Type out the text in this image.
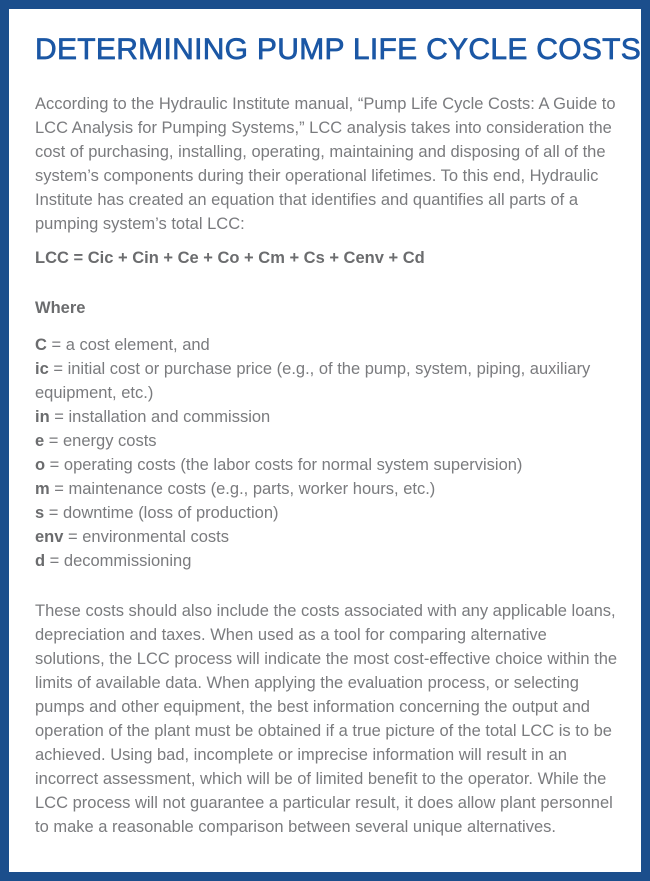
DETERMINING PUMP LIFE CYCLE COSTS

According to the Hydraulic Institute manual, “Pump Life Cycle Costs: A Guide to LCC Analysis for Pumping Systems,” LCC analysis takes into consideration the cost of purchasing, installing, operating, maintaining and disposing of all of the system’s components during their operational lifetimes. To this end, Hydraulic Institute has created an equation that identifies and quantifies all parts of a pumping system’s total LCC:

LCC = Cic + Cin + Ce + Co + Cm + Cs + Cenv + Cd

Where

C = a cost element, and

ic = initial cost or purchase price (e.g., of the pump, system, piping, auxiliary equipment, etc.)

in = installation and commission

e = energy costs

o = operating costs (the labor costs for normal system supervision)

m = maintenance costs (e.g., parts, worker hours, etc.)

s = downtime (loss of production)

env = environmental costs

d = decommissioning

These costs should also include the costs associated with any applicable loans, depreciation and taxes. When used as a tool for comparing alternative solutions, the LCC process will indicate the most cost-effective choice within the limits of available data. When applying the evaluation process, or selecting pumps and other equipment, the best information concerning the output and operation of the plant must be obtained if a true picture of the total LCC is to be achieved. Using bad, incomplete or imprecise information will result in an incorrect assessment, which will be of limited benefit to the operator. While the LCC process will not guarantee a particular result, it does allow plant personnel to make a reasonable comparison between several unique alternatives.
